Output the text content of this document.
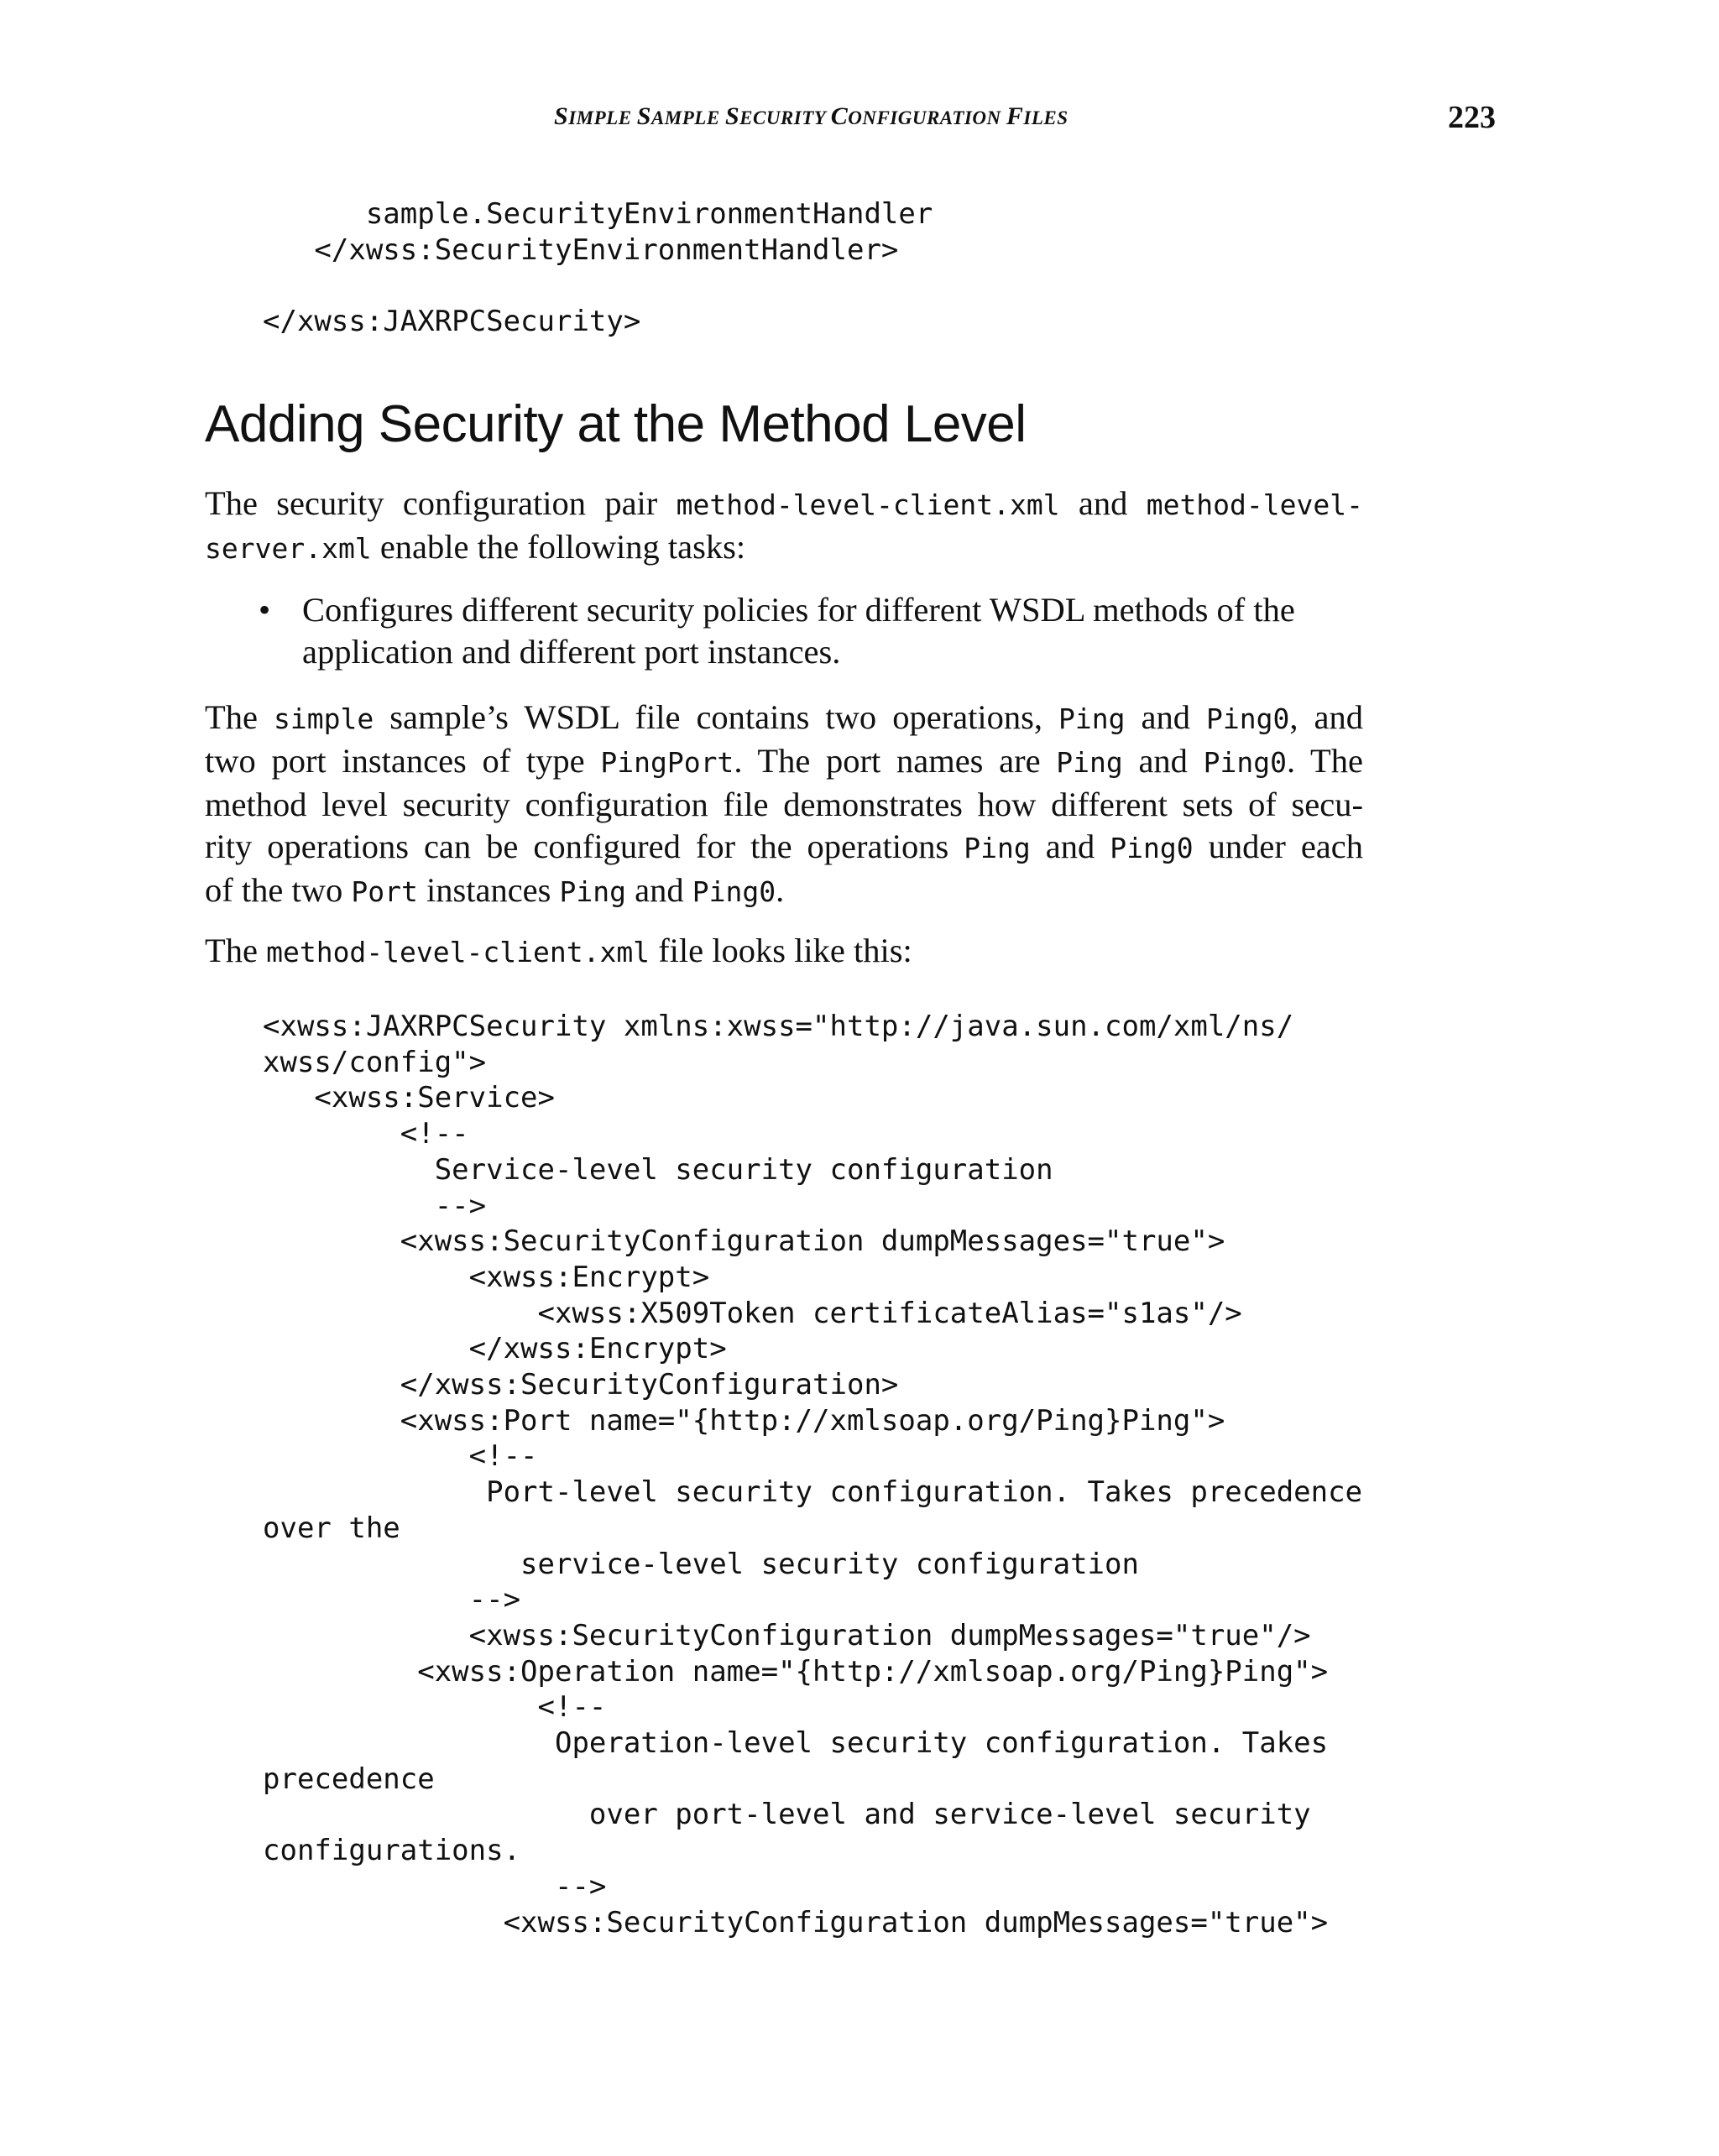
SIMPLE SAMPLE SECURITY CONFIGURATION FILES	223
sample.SecurityEnvironmentHandler
</xwss:SecurityEnvironmentHandler>

</xwss:JAXRPCSecurity>
Adding Security at the Method Level

The security configuration pair method-level-client.xml and method-level-
server.xml enable the following tasks:

• Configures different security policies for different WSDL methods of the
application and different port instances.

The simple sample’s WSDL file contains two operations, Ping and Ping0, and
two port instances of type PingPort. The port names are Ping and Ping0. The
method level security configuration file demonstrates how different sets of secu-
rity operations can be configured for the operations Ping and Ping0 under each
of the two Port instances Ping and Ping0.

The method-level-client.xml file looks like this:

<xwss:JAXRPCSecurity xmlns:xwss="http://java.sun.com/xml/ns/
xwss/config">
<xwss:Service>
<!--
Service-level security configuration
-->
<xwss:SecurityConfiguration dumpMessages="true">
<xwss:Encrypt>
<xwss:X509Token certificateAlias="s1as"/>
</xwss:Encrypt>
</xwss:SecurityConfiguration>
<xwss:Port name="{http://xmlsoap.org/Ping}Ping">
<!--
Port-level security configuration. Takes precedence
over the
service-level security configuration
-->
<xwss:SecurityConfiguration dumpMessages="true"/>
<xwss:Operation name="{http://xmlsoap.org/Ping}Ping">
<!--
Operation-level security configuration. Takes
precedence
over port-level and service-level security
configurations.
-->
<xwss:SecurityConfiguration dumpMessages="true">
